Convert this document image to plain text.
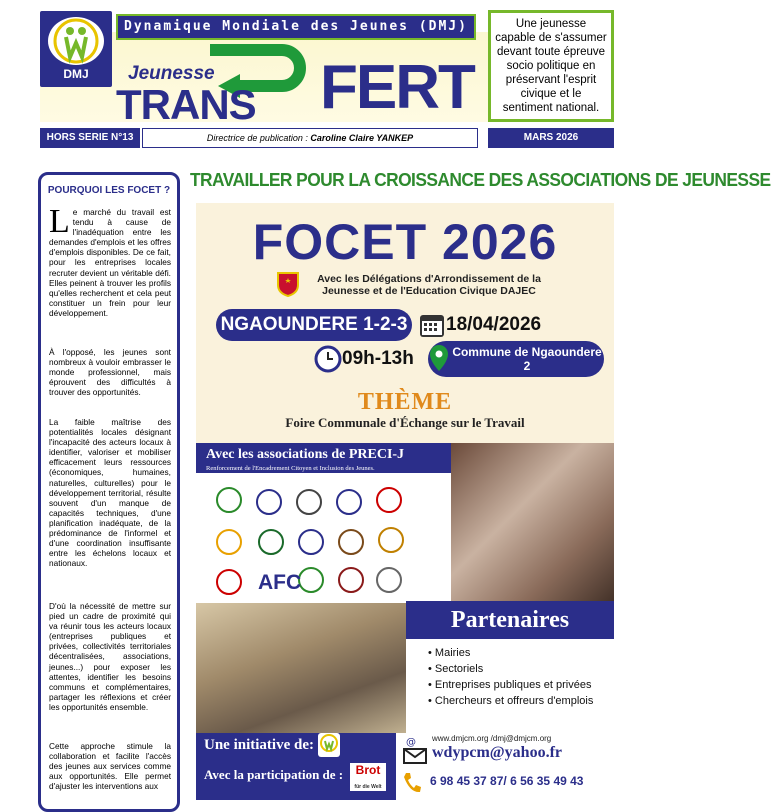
DMJ
Dynamique Mondiale des Jeunes (DMJ)
Jeunesse
TRANS FERT
Une jeunesse capable de s'assumer devant toute épreuve socio politique en préservant l'esprit civique et le sentiment national.
HORS SERIE N°13	Directrice de publication : Caroline Claire YANKEP	MARS 2026
POURQUOI LES FOCET ?
Le marché du travail est tendu à cause de l'inadéquation entre les demandes d'emplois et les offres d'emplois disponibles. De ce fait, pour les entreprises locales recruter devient un véritable défi. Elles peinent à trouver les profils qu'elles recherchent et cela peut constituer un frein pour leur développement.
À l'opposé, les jeunes sont nombreux à vouloir embrasser le monde professionnel, mais éprouvent des difficultés à trouver des opportunités.
La faible maîtrise des potentialités locales désignant l'incapacité des acteurs locaux à identifier, valoriser et mobiliser efficacement leurs ressources (économiques, humaines, naturelles, culturelles) pour le développement territorial, résulte souvent d'un manque de capacités techniques, d'une planification inadéquate, de la prédominance de l'informel et d'une coordination insuffisante entre les échelons locaux et nationaux.
D'où la nécessité de mettre sur pied un cadre de proximité qui va réunir tous les acteurs locaux (entreprises publiques et privées, collectivités territoriales décentralisées, associations, jeunes...) pour exposer les attentes, identifier les besoins communs et complémentaires, partager les réflexions et créer les opportunités ensemble.
Cette approche stimule la collaboration et facilite l'accès des jeunes aux services comme aux opportunités. Elle permet d'ajuster les interventions aux
TRAVAILLER POUR LA CROISSANCE DES ASSOCIATIONS DE JEUNESSE
FOCET 2026
Avec les Délégations d'Arrondissement de la Jeunesse et de l'Education Civique DAJEC
NGAOUNDERE 1-2-3 18/04/2026
09h-13h	Commune de Ngaoundere 2
THÈME
Foire Communale d'Échange sur le Travail
Avec les associations de PRECI-J
Renforcement de l'Encadrement Citoyen et Inclusion des Jeunes.
AFC
Partenaires
• Mairies
• Sectoriels
• Entreprises publiques et privées
• Chercheurs et offreurs d'emplois
Une initiative de:
Avec la participation de :	Brot
für die Welt
@ www.dmjcm.org /dmj@dmjcm.org
wdypcm@yahoo.fr
6 98 45 37 87/ 6 56 35 49 43
